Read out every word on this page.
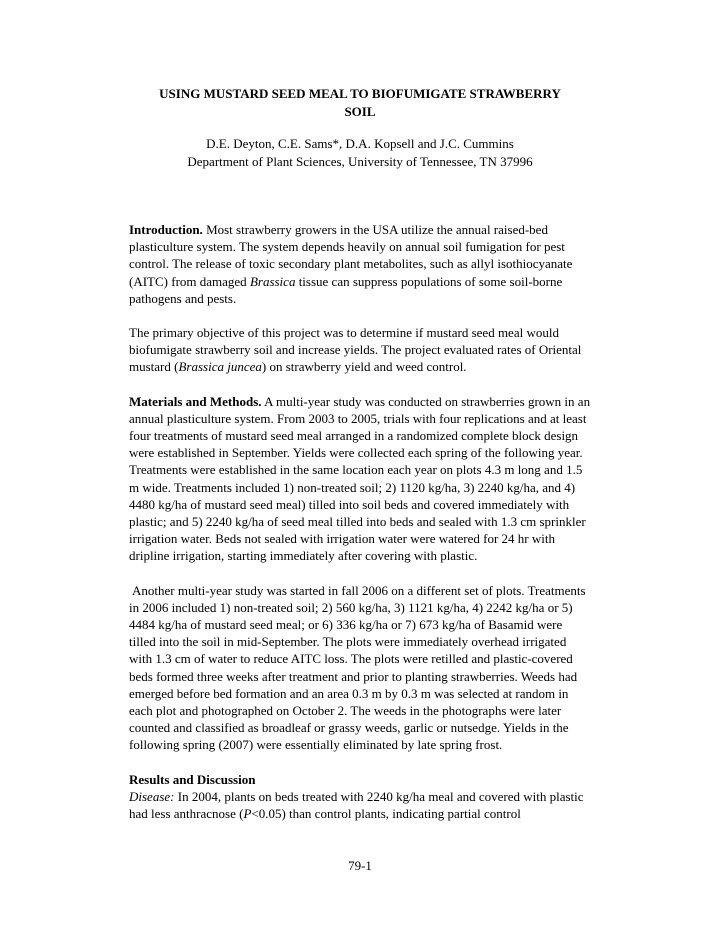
USING MUSTARD SEED MEAL TO BIOFUMIGATE STRAWBERRY
SOIL
D.E. Deyton, C.E. Sams*, D.A. Kopsell and J.C. Cummins
Department of Plant Sciences, University of Tennessee, TN 37996

Introduction. Most strawberry growers in the USA utilize the annual raised-bed plasticulture system. The system depends heavily on annual soil fumigation for pest control. The release of toxic secondary plant metabolites, such as allyl isothiocyanate (AITC) from damaged Brassica tissue can suppress populations of some soil-borne pathogens and pests.

The primary objective of this project was to determine if mustard seed meal would biofumigate strawberry soil and increase yields. The project evaluated rates of Oriental mustard (Brassica juncea) on strawberry yield and weed control.

Materials and Methods. A multi-year study was conducted on strawberries grown in an annual plasticulture system. From 2003 to 2005, trials with four replications and at least four treatments of mustard seed meal arranged in a randomized complete block design were established in September. Yields were collected each spring of the following year. Treatments were established in the same location each year on plots 4.3 m long and 1.5 m wide. Treatments included 1) non-treated soil; 2) 1120 kg/ha, 3) 2240 kg/ha, and 4) 4480 kg/ha of mustard seed meal) tilled into soil beds and covered immediately with plastic; and 5) 2240 kg/ha of seed meal tilled into beds and sealed with 1.3 cm sprinkler irrigation water. Beds not sealed with irrigation water were watered for 24 hr with dripline irrigation, starting immediately after covering with plastic.

Another multi-year study was started in fall 2006 on a different set of plots. Treatments in 2006 included 1) non-treated soil; 2) 560 kg/ha, 3) 1121 kg/ha, 4) 2242 kg/ha or 5) 4484 kg/ha of mustard seed meal; or 6) 336 kg/ha or 7) 673 kg/ha of Basamid were tilled into the soil in mid-September. The plots were immediately overhead irrigated with 1.3 cm of water to reduce AITC loss. The plots were retilled and plastic-covered beds formed three weeks after treatment and prior to planting strawberries. Weeds had emerged before bed formation and an area 0.3 m by 0.3 m was selected at random in each plot and photographed on October 2. The weeds in the photographs were later counted and classified as broadleaf or grassy weeds, garlic or nutsedge. Yields in the following spring (2007) were essentially eliminated by late spring frost.

Results and Discussion
Disease: In 2004, plants on beds treated with 2240 kg/ha meal and covered with plastic had less anthracnose (P<0.05) than control plants, indicating partial control

79-1
